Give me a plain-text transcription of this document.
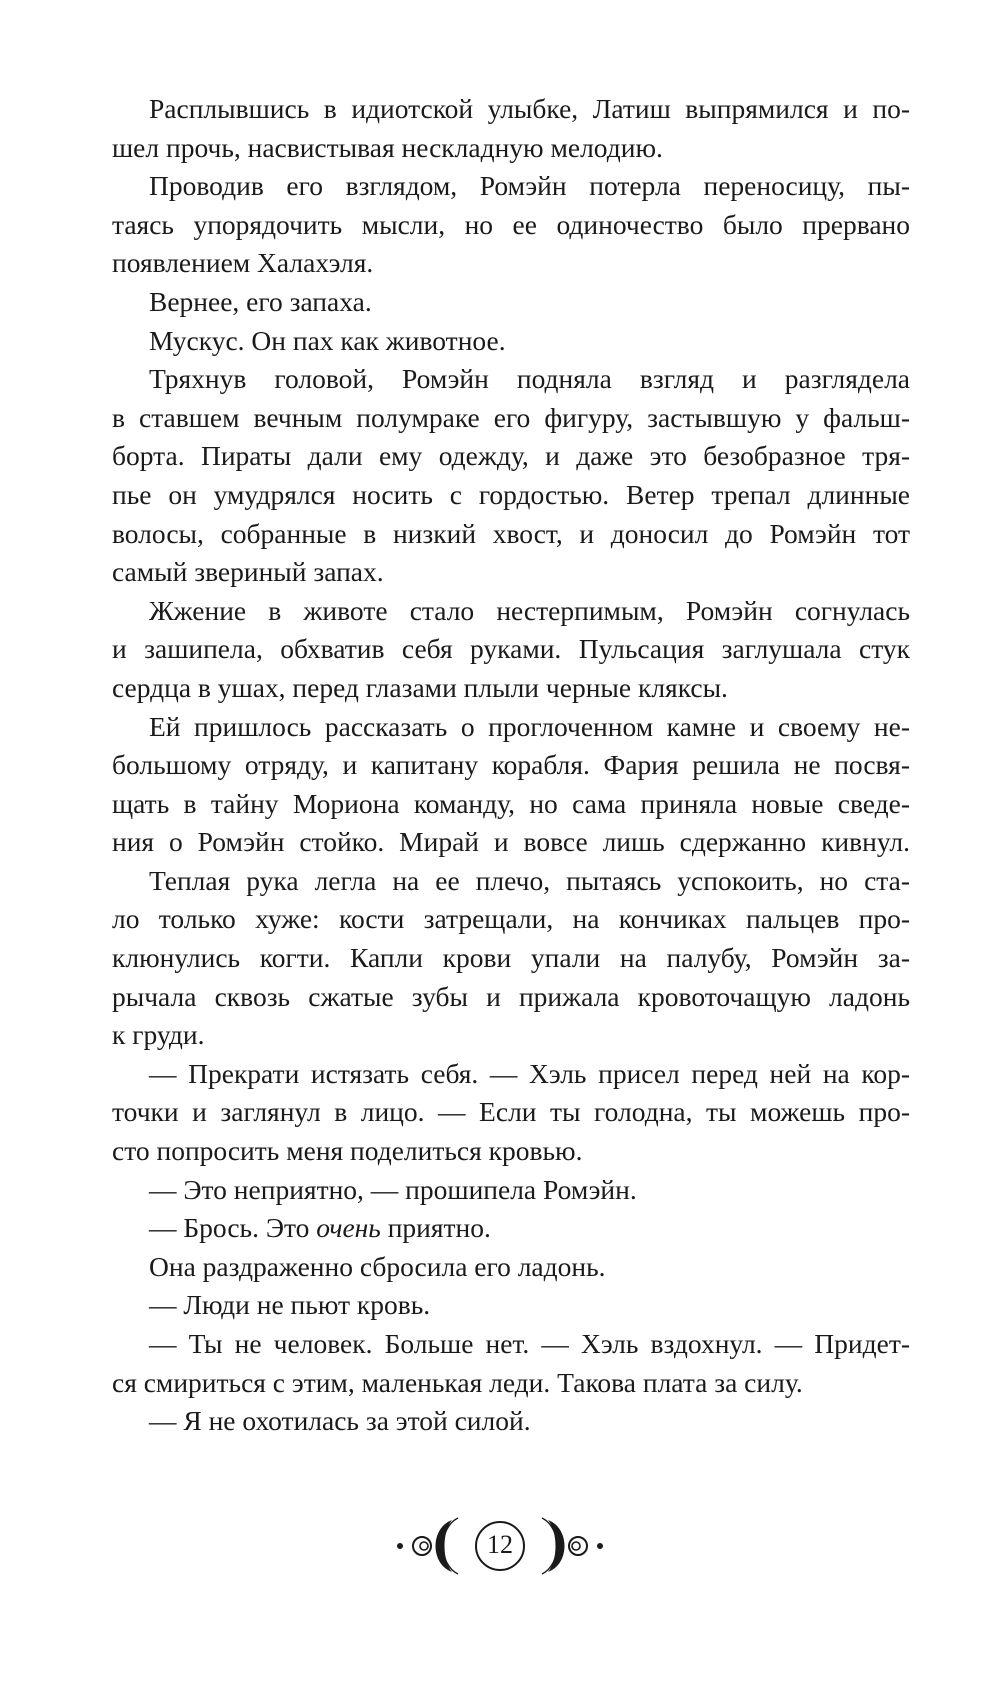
Расплывшись в идиотской улыбке, Латиш выпрямился и по-
шел прочь, насвистывая нескладную мелодию.
Проводив его взглядом, Ромэйн потерла переносицу, пы-
таясь упорядочить мысли, но ее одиночество было прервано
появлением Халахэля.
Вернее, его запаха.
Мускус. Он пах как животное.
Тряхнув головой, Ромэйн подняла взгляд и разглядела
в ставшем вечным полумраке его фигуру, застывшую у фальш-
борта. Пираты дали ему одежду, и даже это безобразное тря-
пье он умудрялся носить с гордостью. Ветер трепал длинные
волосы, собранные в низкий хвост, и доносил до Ромэйн тот
самый звериный запах.
Жжение в животе стало нестерпимым, Ромэйн согнулась
и зашипела, обхватив себя руками. Пульсация заглушала стук
сердца в ушах, перед глазами плыли черные кляксы.
Ей пришлось рассказать о проглоченном камне и своему не-
большому отряду, и капитану корабля. Фария решила не посвя-
щать в тайну Мориона команду, но сама приняла новые сведе-
ния о Ромэйн стойко. Мирай и вовсе лишь сдержанно кивнул.
Теплая рука легла на ее плечо, пытаясь успокоить, но ста-
ло только хуже: кости затрещали, на кончиках пальцев про-
клюнулись когти. Капли крови упали на палубу, Ромэйн за-
рычала сквозь сжатые зубы и прижала кровоточащую ладонь
к груди.
— Прекрати истязать себя. — Хэль присел перед ней на кор-
точки и заглянул в лицо. — Если ты голодна, ты можешь про-
сто попросить меня поделиться кровью.
— Это неприятно, — прошипела Ромэйн.
— Брось. Это очень приятно.
Она раздраженно сбросила его ладонь.
— Люди не пьют кровь.
— Ты не человек. Больше нет. — Хэль вздохнул. — Придет-
ся смириться с этим, маленькая леди. Такова плата за силу.
— Я не охотилась за этой силой.
12
